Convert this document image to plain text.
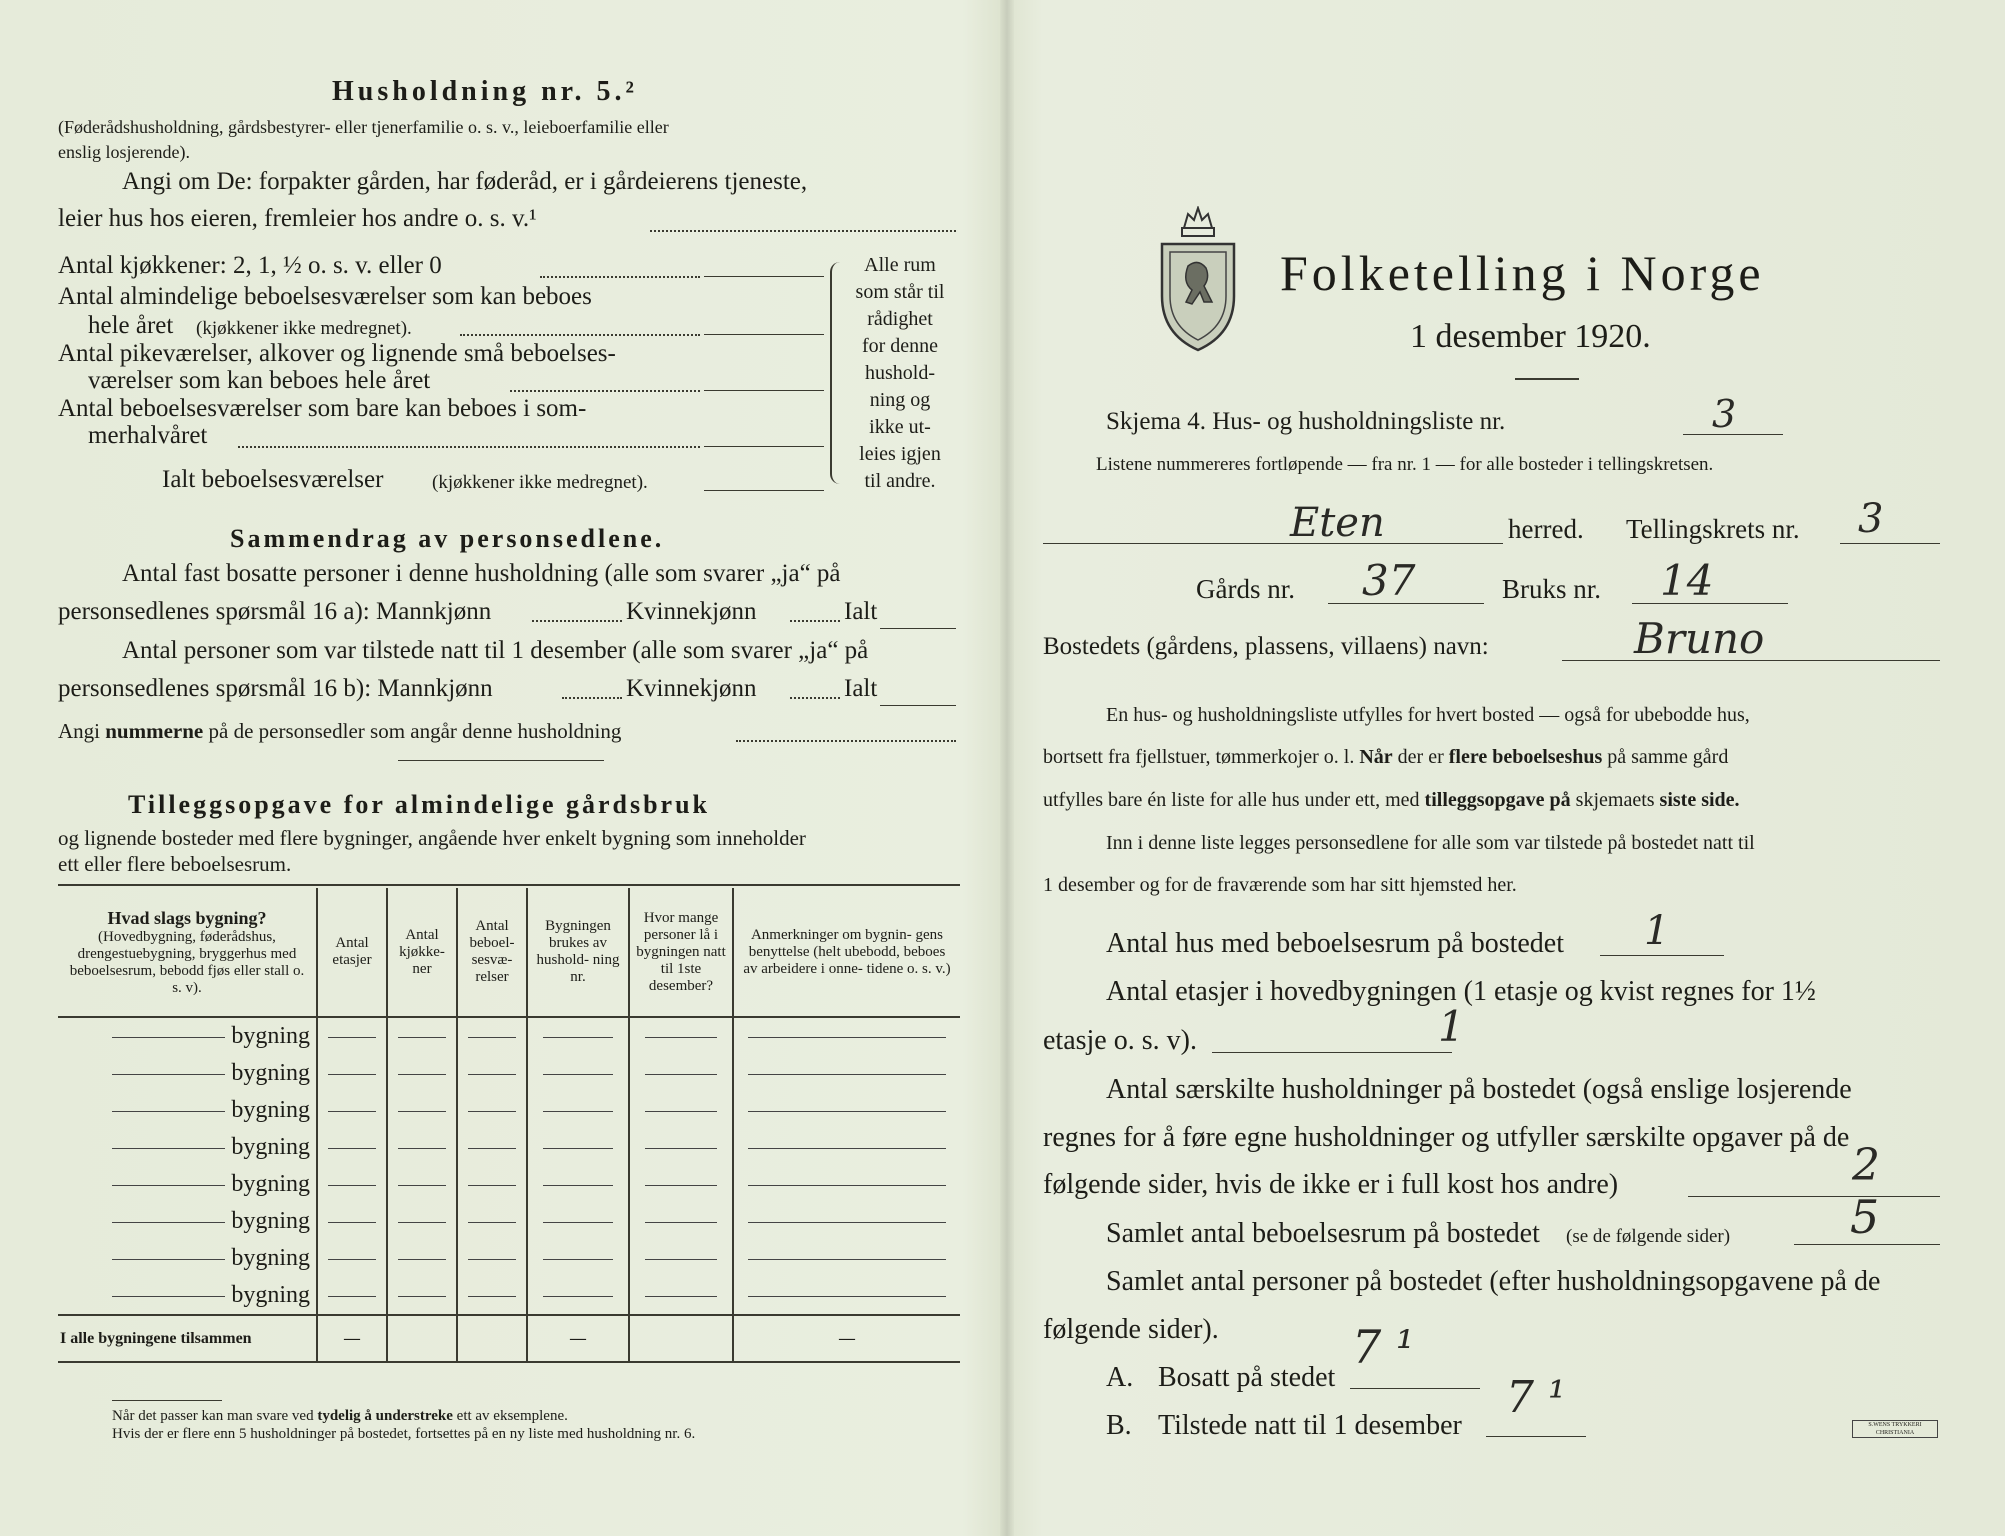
Husholdning nr. 5.²
(Føderådshusholdning, gårdsbestyrer- eller tjenerfamilie o. s. v., leieboerfamilie eller
enslig losjerende).
Angi om De: forpakter gården, har føderåd, er i gårdeierens tjeneste,
leier hus hos eieren, fremleier hos andre o. s. v.¹
Antal kjøkkener: 2, 1, ½ o. s. v. eller 0
Antal almindelige beboelsesværelser som kan beboes
hele året (kjøkkener ikke medregnet).
Antal pikeværelser, alkover og lignende små beboelses-
værelser som kan beboes hele året
Antal beboelsesværelser som bare kan beboes i som-
merhalvåret
Alle rum
som står til
rådighet
for denne
hushold-
ning og
ikke ut-
leies igjen
til andre.
Ialt beboelsesværelser	(kjøkkener ikke medregnet).
Sammendrag av personsedlene.
Antal fast bosatte personer i denne husholdning (alle som svarer „ja“ på
personsedlenes spørsmål 16 a): Mannkjønn	Kvinnekjønn	Ialt
Antal personer som var tilstede natt til 1 desember (alle som svarer „ja“ på
personsedlenes spørsmål 16 b): Mannkjønn	Kvinnekjønn	Ialt
Angi nummerne på de personsedler som angår denne husholdning
Tilleggsopgave for almindelige gårdsbruk
og lignende bosteder med flere bygninger, angående hver enkelt bygning som inneholder
ett eller flere beboelsesrum.
Hvad slags bygning?
(Hovedbygning, føderådshus, drengestuebygning, bryggerhus med beboelsesrum, bebodd fjøs eller stall o. s. v).	Antal etasjer	Antal kjøkke- ner	Antal beboel- sesvæ- relser	Bygningen brukes av hushold- ning nr.	Hvor mange personer lå i bygningen natt til 1ste desember?	Anmerkninger om bygnin- gens benyttelse (helt ubebodd, beboes av arbeidere i onne- tidene o. s. v.)

bygning						
bygning						
bygning						
bygning						
bygning						
bygning						
bygning						
bygning						
I alle bygningene tilsammen	—			—		—
Når det passer kan man svare ved tydelig å understreke ett av eksemplene.
Hvis der er flere enn 5 husholdninger på bostedet, fortsettes på en ny liste med husholdning nr. 6.
Folketelling i Norge
1 desember 1920.
Skjema 4. Hus- og husholdningsliste nr.	3
Listene nummereres fortløpende — fra nr. 1 — for alle bosteder i tellingskretsen.
Eten	herred. Tellingskrets nr. 3
Gårds nr. 37	Bruks nr. 14
Bostedets (gårdens, plassens, villaens) navn:	Bruno
En hus- og husholdningsliste utfylles for hvert bosted — også for ubebodde hus,
bortsett fra fjellstuer, tømmerkojer o. l. Når der er flere beboelseshus på samme gård
utfylles bare én liste for alle hus under ett, med tilleggsopgave på skjemaets siste side.
Inn i denne liste legges personsedlene for alle som var tilstede på bostedet natt til
1 desember og for de fraværende som har sitt hjemsted her.
Antal hus med beboelsesrum på bostedet 1
Antal etasjer i hovedbygningen (1 etasje og kvist regnes for 1½
etasje o. s. v).	1
Antal særskilte husholdninger på bostedet (også enslige losjerende
regnes for å føre egne husholdninger og utfyller særskilte opgaver på de
følgende sider, hvis de ikke er i full kost hos andre)	2
Samlet antal beboelsesrum på bostedet (se de følgende sider)	5
Samlet antal personer på bostedet (efter husholdningsopgavene på de
følgende sider).
A. Bosatt på stedet
7 ¹
B. Tilstede natt til 1 desember
7 ¹
S.WENS TRYKKERI CHRISTIANIA
